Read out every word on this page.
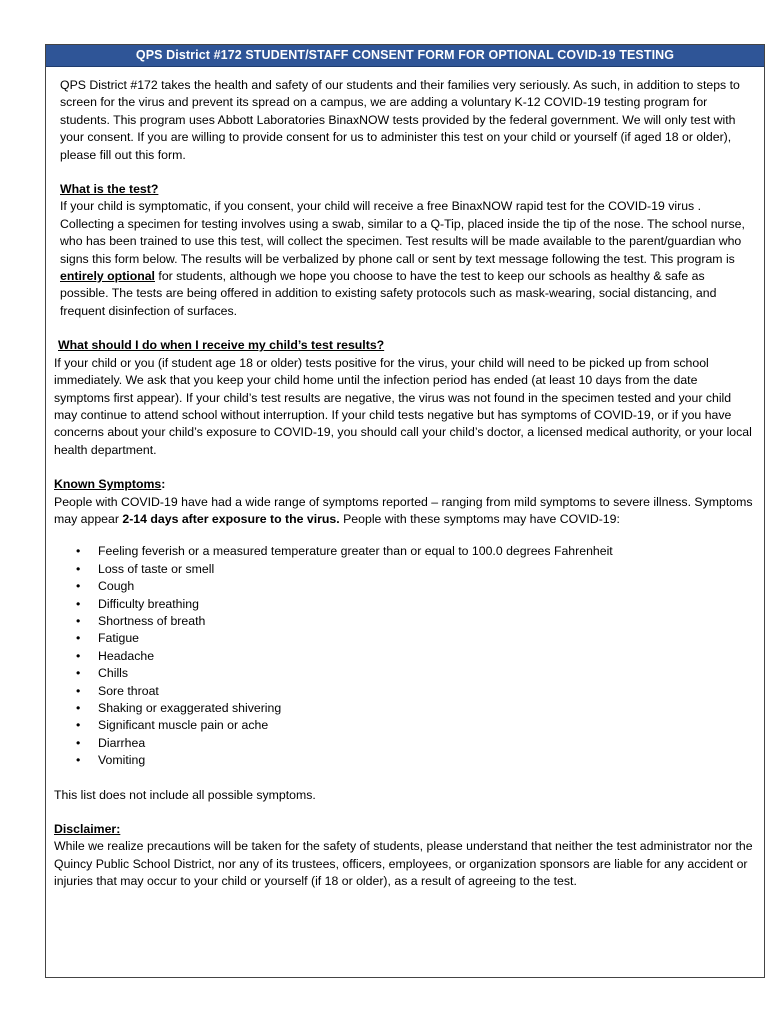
QPS District #172 STUDENT/STAFF CONSENT FORM FOR OPTIONAL COVID-19 TESTING

QPS District #172 takes the health and safety of our students and their families very seriously. As such, in addition to steps to screen for the virus and prevent its spread on a campus, we are adding a voluntary K-12 COVID-19 testing program for students. This program uses Abbott Laboratories BinaxNOW tests provided by the federal government. We will only test with your consent. If you are willing to provide consent for us to administer this test on your child or yourself (if aged 18 or older), please fill out this form.

What is the test?

If your child is symptomatic, if you consent, your child will receive a free BinaxNOW rapid test for the COVID-19 virus . Collecting a specimen for testing involves using a swab, similar to a Q-Tip, placed inside the tip of the nose. The school nurse, who has been trained to use this test, will collect the specimen. Test results will be made available to the parent/guardian who signs this form below. The results will be verbalized by phone call or sent by text message following the test. This program is entirely optional for students, although we hope you choose to have the test to keep our schools as healthy & safe as possible. The tests are being offered in addition to existing safety protocols such as mask-wearing, social distancing, and frequent disinfection of surfaces.

What should I do when I receive my child’s test results?

If your child or you (if student age 18 or older) tests positive for the virus, your child will need to be picked up from school immediately. We ask that you keep your child home until the infection period has ended (at least 10 days from the date symptoms first appear). If your child’s test results are negative, the virus was not found in the specimen tested and your child may continue to attend school without interruption. If your child tests negative but has symptoms of COVID-19, or if you have concerns about your child’s exposure to COVID-19, you should call your child’s doctor, a licensed medical authority, or your local health department.

Known Symptoms:

People with COVID-19 have had a wide range of symptoms reported – ranging from mild symptoms to severe illness. Symptoms may appear 2-14 days after exposure to the virus. People with these symptoms may have COVID-19:

• Feeling feverish or a measured temperature greater than or equal to 100.0 degrees Fahrenheit
• Loss of taste or smell
• Cough
• Difficulty breathing
• Shortness of breath
• Fatigue
• Headache
• Chills
• Sore throat
• Shaking or exaggerated shivering
• Significant muscle pain or ache
• Diarrhea
• Vomiting

This list does not include all possible symptoms.

Disclaimer:

While we realize precautions will be taken for the safety of students, please understand that neither the test administrator nor the Quincy Public School District, nor any of its trustees, officers, employees, or organization sponsors are liable for any accident or injuries that may occur to your child or yourself (if 18 or older), as a result of agreeing to the test.
